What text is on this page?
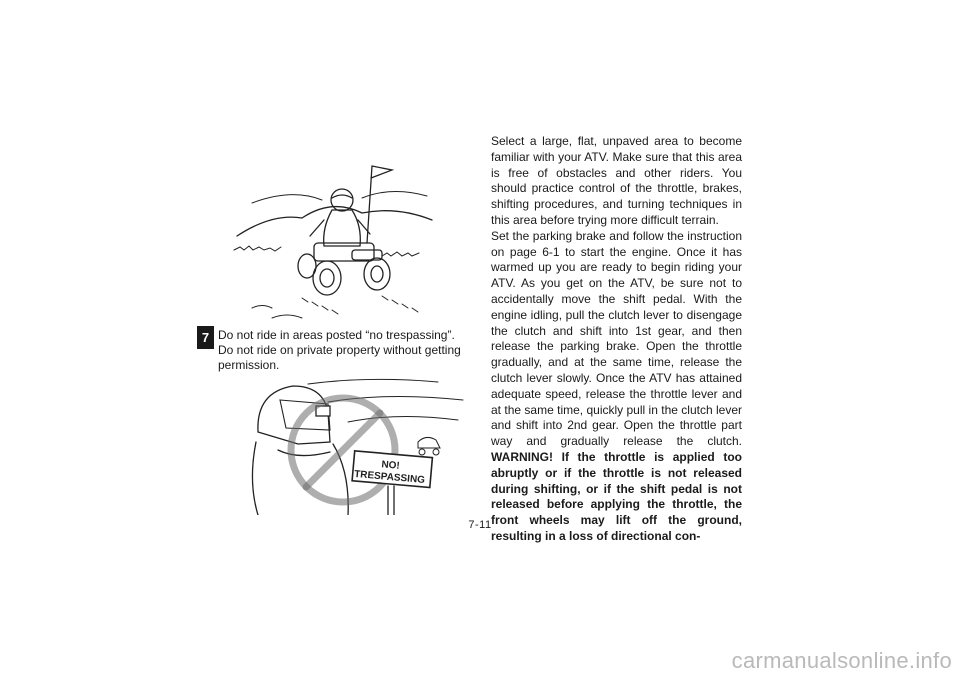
7 Do not ride in areas posted “no trespassing”.

Do not ride on private property without getting permission.

NO!
TRESPASSING

Select a large, flat, unpaved area to become familiar with your ATV. Make sure that this area is free of obstacles and other riders. You should practice control of the throttle, brakes, shifting procedures, and turning techniques in this area before trying more difficult terrain.

Set the parking brake and follow the instruction on page 6-1 to start the engine. Once it has warmed up you are ready to begin riding your ATV. As you get on the ATV, be sure not to accidentally move the shift pedal. With the engine idling, pull the clutch lever to disengage the clutch and shift into 1st gear, and then release the parking brake. Open the throttle gradually, and at the same time, release the clutch lever slowly. Once the ATV has attained adequate speed, release the throttle lever and at the same time, quickly pull in the clutch lever and shift into 2nd gear. Open the throttle part way and gradually release the clutch. WARNING! If the throttle is applied too abruptly or if the throttle is not released during shifting, or if the shift pedal is not released before applying the throttle, the front wheels may lift off the ground, resulting in a loss of directional con-

7-11
carmanualsonline.info
